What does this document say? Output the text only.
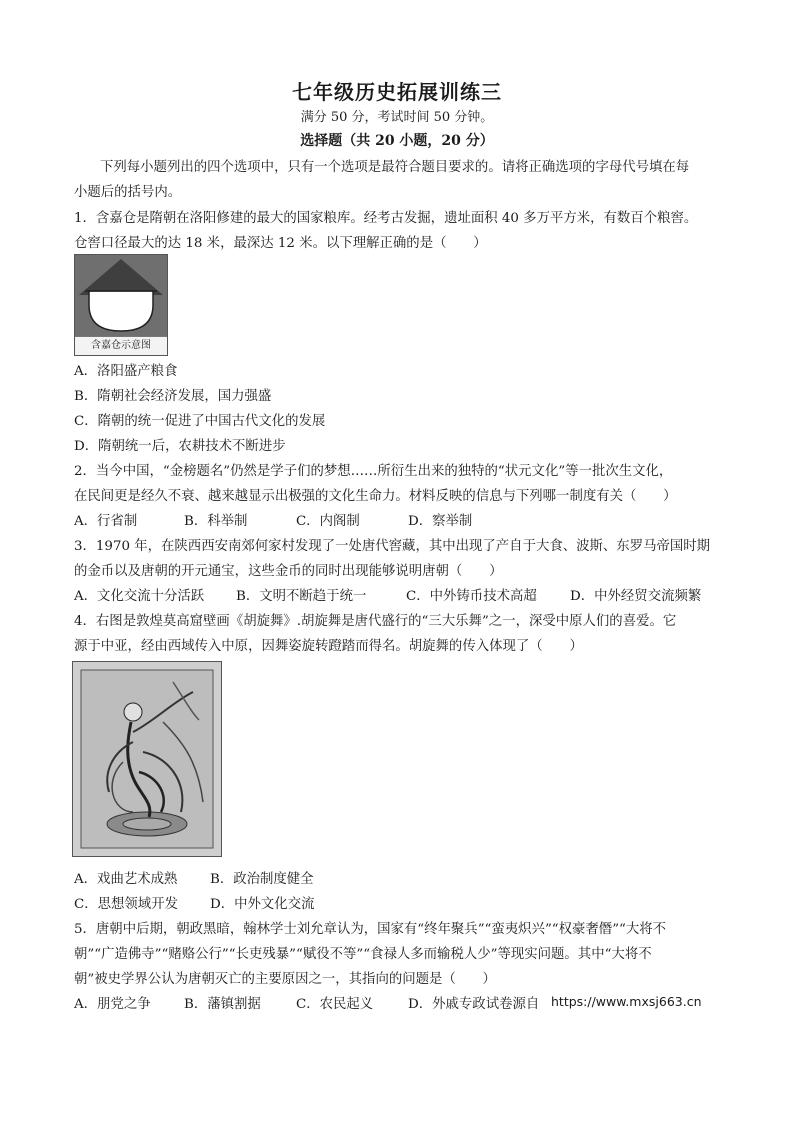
七年级历史拓展训练三
满分 50 分，考试时间 50 分钟。
选择题（共 20 小题，20 分）
下列每小题列出的四个选项中，只有一个选项是最符合题目要求的。请将正确选项的字母代号填在每
小题后的括号内。
1．含嘉仓是隋朝在洛阳修建的最大的国家粮库。经考古发掘，遗址面积 40 多万平方米，有数百个粮窖。
仓窖口径最大的达 18 米，最深达 12 米。以下理解正确的是（　　）
含嘉仓示意图
A．洛阳盛产粮食
B．隋朝社会经济发展，国力强盛
C．隋朝的统一促进了中国古代文化的发展
D．隋朝统一后，农耕技术不断进步
2．当今中国，“金榜题名”仍然是学子们的梦想……所衍生出来的独特的“状元文化”等一批次生文化，
在民间更是经久不衰、越来越显示出极强的文化生命力。材料反映的信息与下列哪一制度有关（　　）
A．行省制	B．科举制	C．内阁制	D．察举制
3．1970 年，在陕西西安南郊何家村发现了一处唐代窖藏，其中出现了产自于大食、波斯、东罗马帝国时期
的金币以及唐朝的开元通宝，这些金币的同时出现能够说明唐朝（　　）
A．文化交流十分活跃 B．文明不断趋于统一	C．中外铸币技术高超 D．中外经贸交流频繁
4．右图是敦煌莫高窟壁画《胡旋舞》.胡旋舞是唐代盛行的“三大乐舞”之一，深受中原人们的喜爱。它
源于中亚，经由西域传入中原，因舞姿旋转蹬踏而得名。胡旋舞的传入体现了（　　）
A．戏曲艺术成熟 B．政治制度健全
C．思想领域开发 D．中外文化交流
5．唐朝中后期，朝政黑暗，翰林学士刘允章认为，国家有“终年聚兵”“蛮夷炽兴”“权豪奢僭”“大将不
朝”“广造佛寺”“赌赂公行”“长吏残暴”“赋役不等”“食禄人多而输税人少”等现实问题。其中“大将不
朝”被史学界公认为唐朝灭亡的主要原因之一，其指向的问题是（　　）
A．朋党之争 B．藩镇割据	C．农民起义	D．外戚专政试卷源自 https://www.mxsj663.cn
